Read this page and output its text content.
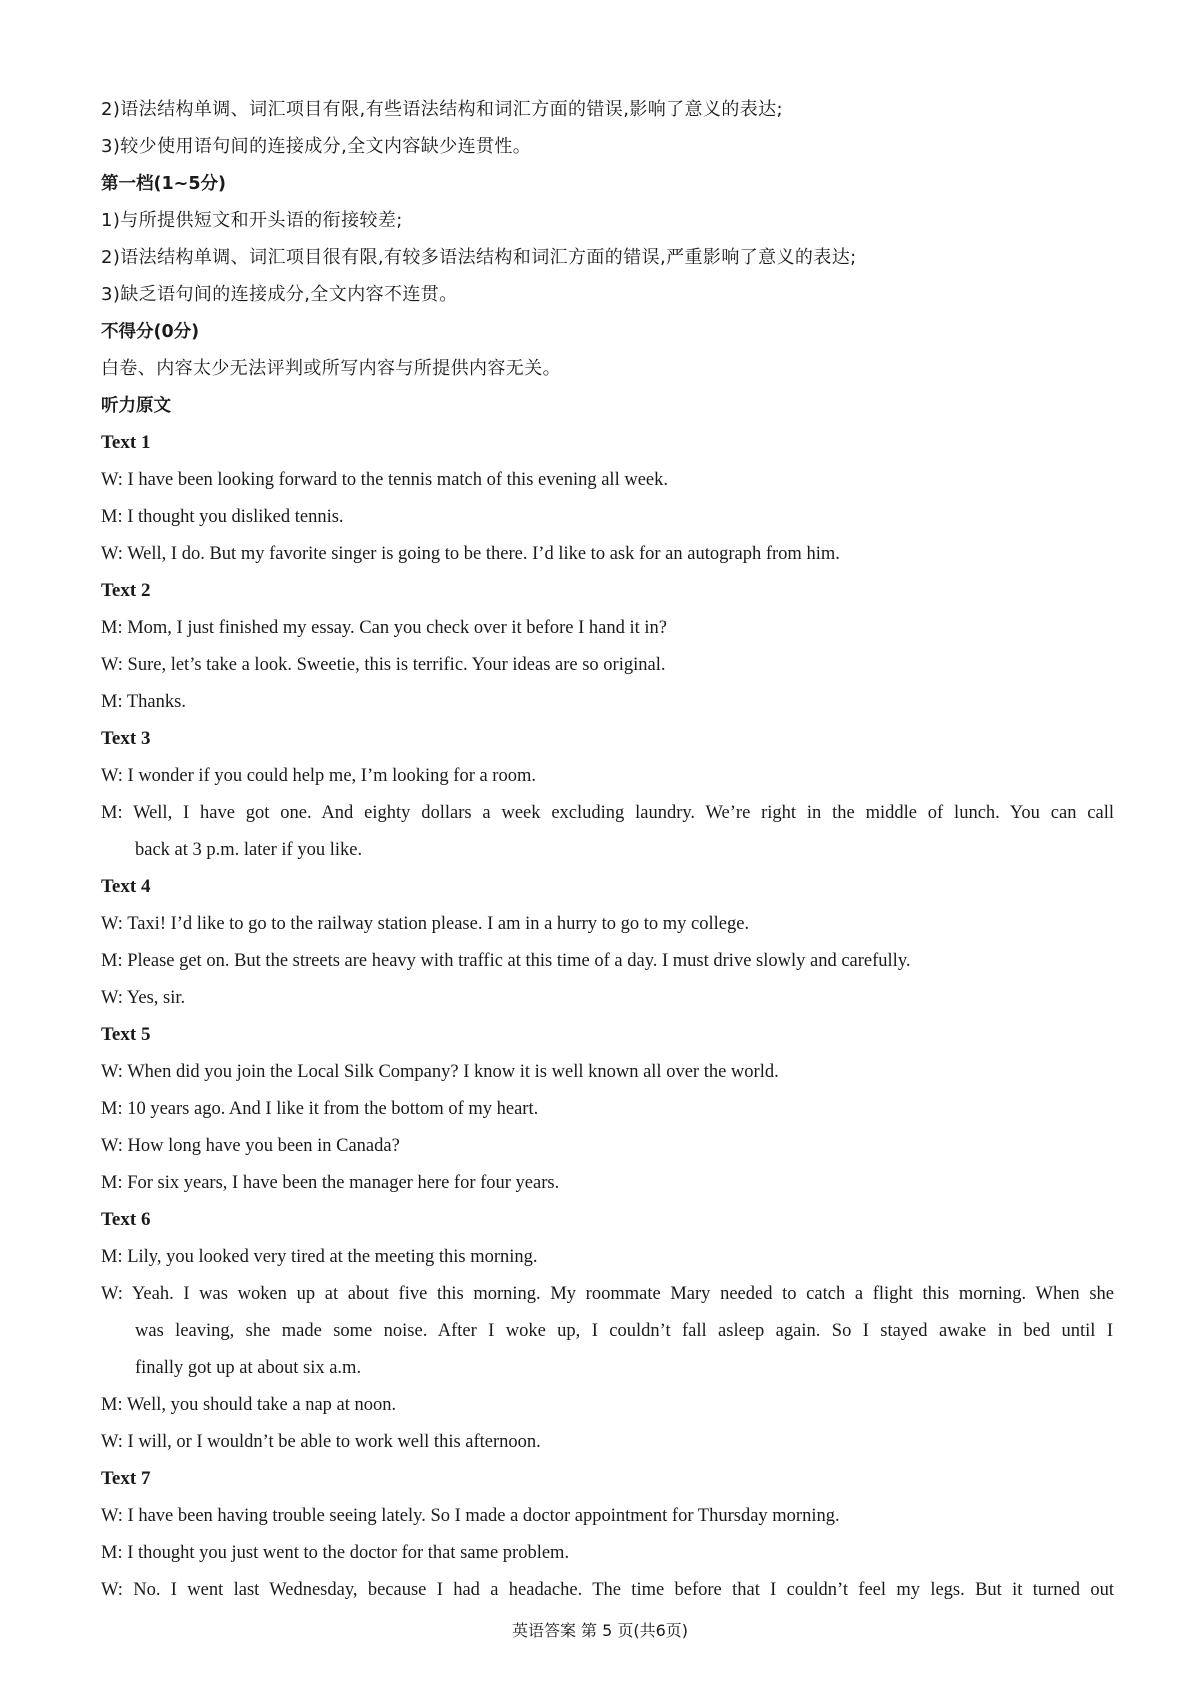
2)语法结构单调、词汇项目有限,有些语法结构和词汇方面的错误,影响了意义的表达;
3)较少使用语句间的连接成分,全文内容缺少连贯性。
第一档(1~5分)
1)与所提供短文和开头语的衔接较差;
2)语法结构单调、词汇项目很有限,有较多语法结构和词汇方面的错误,严重影响了意义的表达;
3)缺乏语句间的连接成分,全文内容不连贯。
不得分(0分)
白卷、内容太少无法评判或所写内容与所提供内容无关。
听力原文
Text 1
W: I have been looking forward to the tennis match of this evening all week.
M: I thought you disliked tennis.
W: Well, I do. But my favorite singer is going to be there. I’d like to ask for an autograph from him.
Text 2
M: Mom, I just finished my essay. Can you check over it before I hand it in?
W: Sure, let’s take a look. Sweetie, this is terrific. Your ideas are so original.
M: Thanks.
Text 3
W: I wonder if you could help me, I’m looking for a room.
M: Well, I have got one. And eighty dollars a week excluding laundry. We’re right in the middle of lunch. You can call
back at 3 p.m. later if you like.
Text 4
W: Taxi! I’d like to go to the railway station please. I am in a hurry to go to my college.
M: Please get on. But the streets are heavy with traffic at this time of a day. I must drive slowly and carefully.
W: Yes, sir.
Text 5
W: When did you join the Local Silk Company? I know it is well known all over the world.
M: 10 years ago. And I like it from the bottom of my heart.
W: How long have you been in Canada?
M: For six years, I have been the manager here for four years.
Text 6
M: Lily, you looked very tired at the meeting this morning.
W: Yeah. I was woken up at about five this morning. My roommate Mary needed to catch a flight this morning. When she
was leaving, she made some noise. After I woke up, I couldn’t fall asleep again. So I stayed awake in bed until I
finally got up at about six a.m.
M: Well, you should take a nap at noon.
W: I will, or I wouldn’t be able to work well this afternoon.
Text 7
W: I have been having trouble seeing lately. So I made a doctor appointment for Thursday morning.
M: I thought you just went to the doctor for that same problem.
W: No. I went last Wednesday, because I had a headache. The time before that I couldn’t feel my legs. But it turned out
英语答案 第 5 页(共6页)
